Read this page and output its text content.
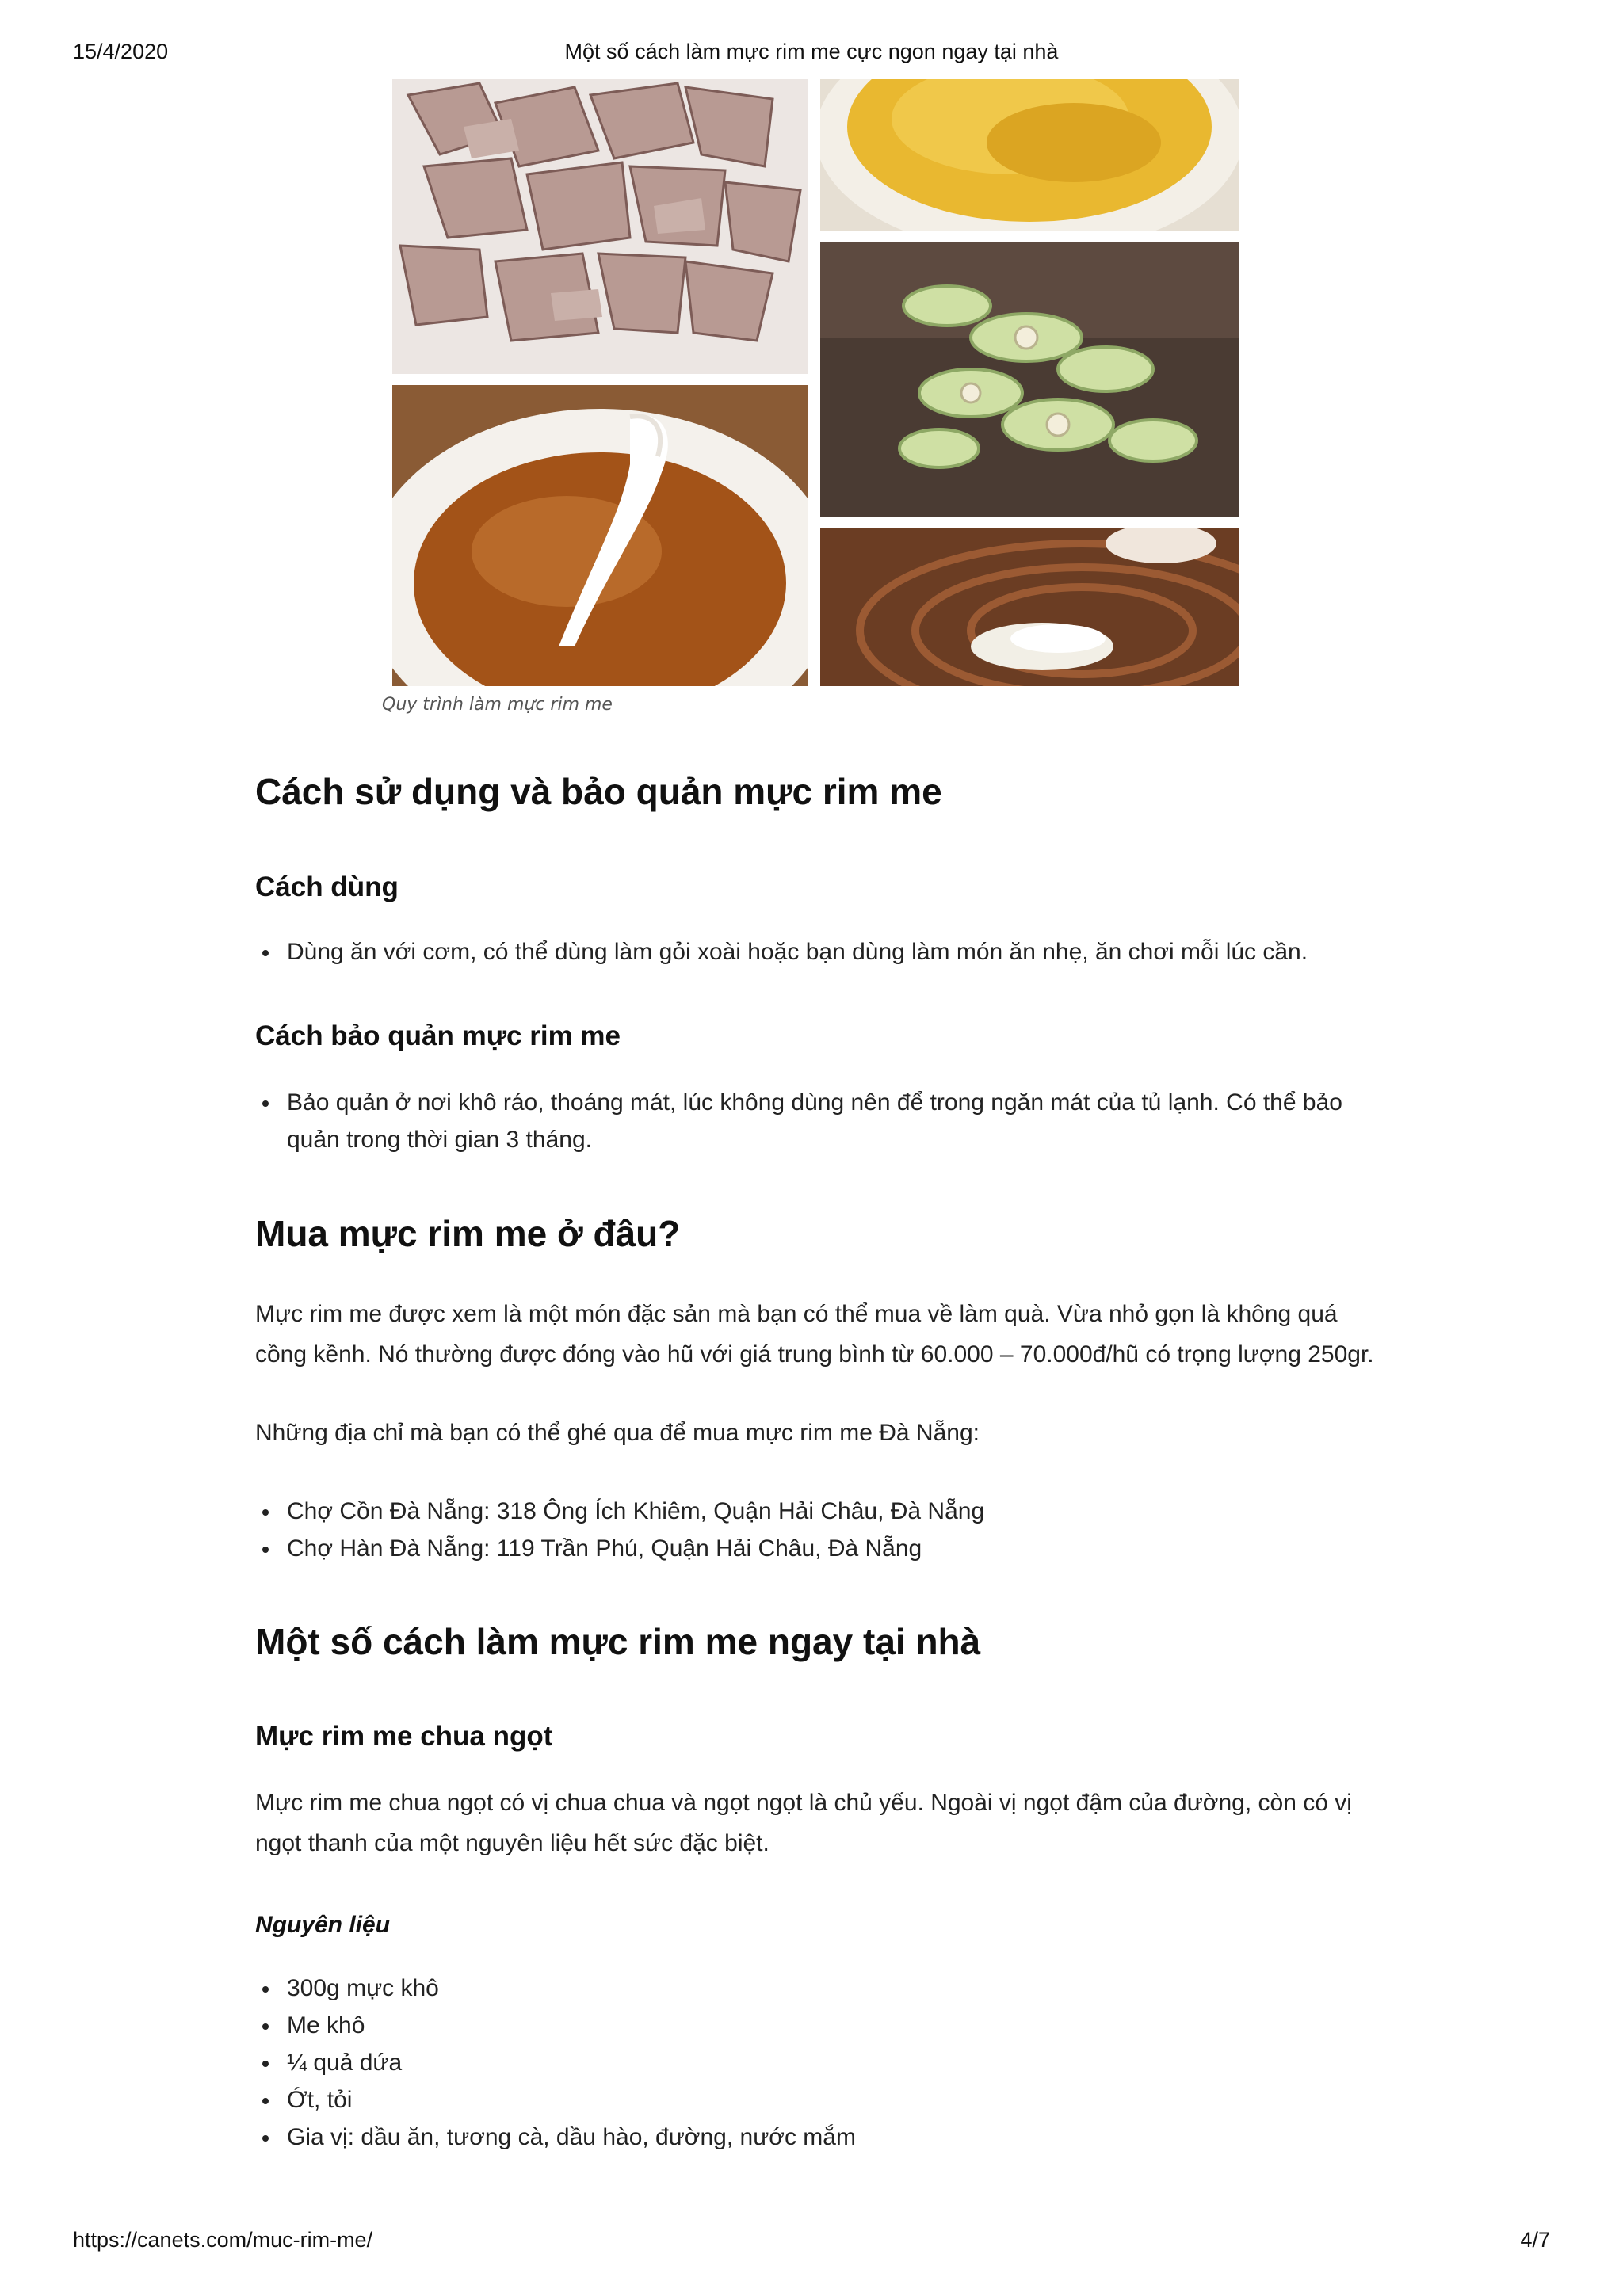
15/4/2020	Một số cách làm mực rim me cực ngon ngay tại nhà
Quy trình làm mực rim me
Cách sử dụng và bảo quản mực rim me
Cách dùng
Dùng ăn với cơm, có thể dùng làm gỏi xoài hoặc bạn dùng làm món ăn nhẹ, ăn chơi mỗi lúc cần.
Cách bảo quản mực rim me
Bảo quản ở nơi khô ráo, thoáng mát, lúc không dùng nên để trong ngăn mát của tủ lạnh. Có thể bảo quản trong thời gian 3 tháng.
Mua mực rim me ở đâu?

Mực rim me được xem là một món đặc sản mà bạn có thể mua về làm quà. Vừa nhỏ gọn là không quá cồng kềnh. Nó thường được đóng vào hũ với giá trung bình từ 60.000 – 70.000đ/hũ có trọng lượng 250gr.

Những địa chỉ mà bạn có thể ghé qua để mua mực rim me Đà Nẵng:

Chợ Cồn Đà Nẵng: 318 Ông Ích Khiêm, Quận Hải Châu, Đà Nẵng
Chợ Hàn Đà Nẵng: 119 Trần Phú, Quận Hải Châu, Đà Nẵng
Một số cách làm mực rim me ngay tại nhà
Mực rim me chua ngọt

Mực rim me chua ngọt có vị chua chua và ngọt ngọt là chủ yếu. Ngoài vị ngọt đậm của đường, còn có vị ngọt thanh của một nguyên liệu hết sức đặc biệt.

Nguyên liệu
300g mực khô
Me khô
¼ quả dứa
Ớt, tỏi
Gia vị: dầu ăn, tương cà, dầu hào, đường, nước mắm
https://canets.com/muc-rim-me/	4/7
